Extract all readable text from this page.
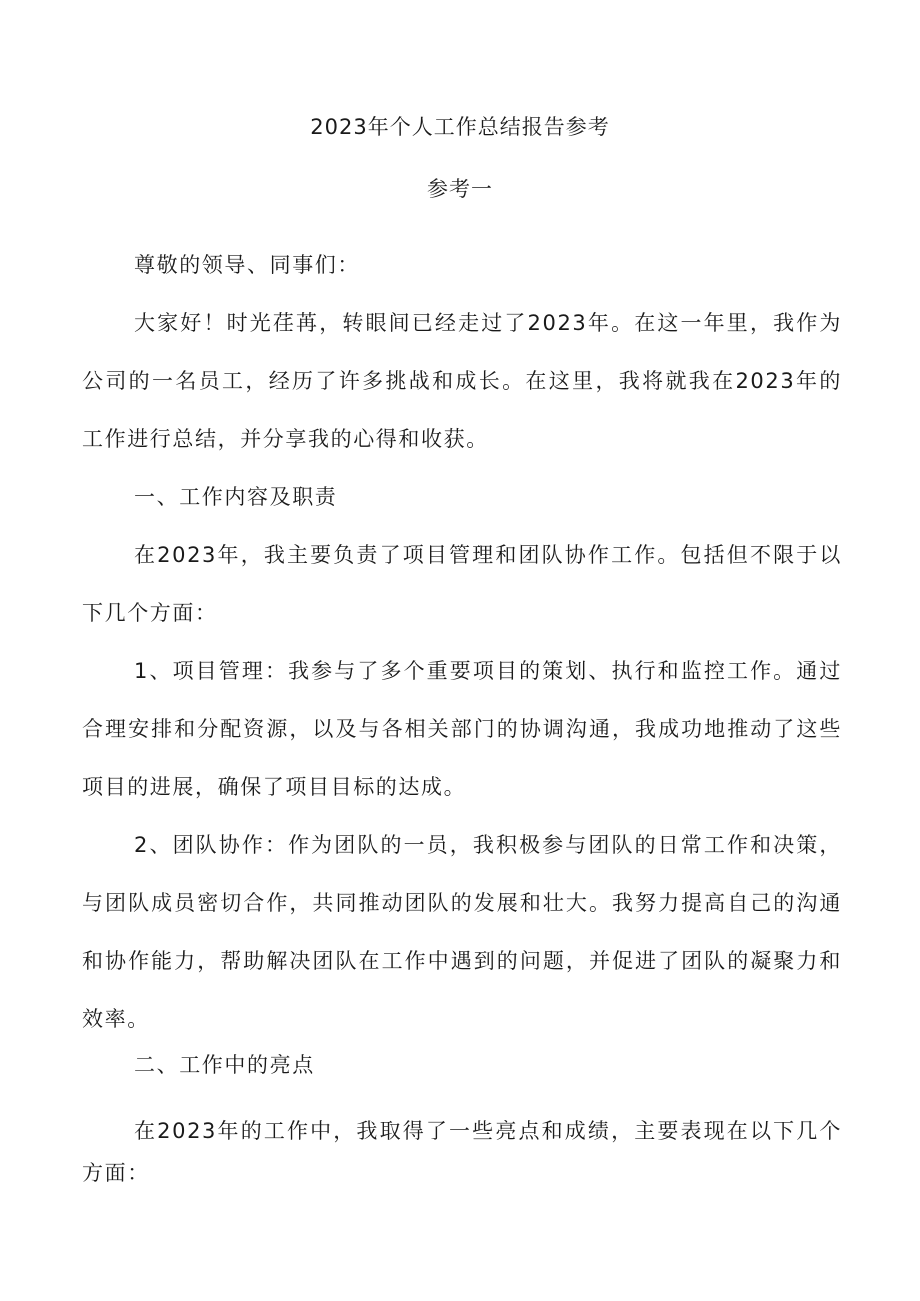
2023年个人工作总结报告参考
参考一

尊敬的领导、同事们：

大家好！时光荏苒，转眼间已经走过了2023年。在这一年里，我作为公司的一名员工，经历了许多挑战和成长。在这里，我将就我在2023年的工作进行总结，并分享我的心得和收获。

一、工作内容及职责

在2023年，我主要负责了项目管理和团队协作工作。包括但不限于以下几个方面：

1、项目管理：我参与了多个重要项目的策划、执行和监控工作。通过合理安排和分配资源，以及与各相关部门的协调沟通，我成功地推动了这些项目的进展，确保了项目目标的达成。

2、团队协作：作为团队的一员，我积极参与团队的日常工作和决策，与团队成员密切合作，共同推动团队的发展和壮大。我努力提高自己的沟通和协作能力，帮助解决团队在工作中遇到的问题，并促进了团队的凝聚力和效率。

二、工作中的亮点

在2023年的工作中，我取得了一些亮点和成绩，主要表现在以下几个方面：
